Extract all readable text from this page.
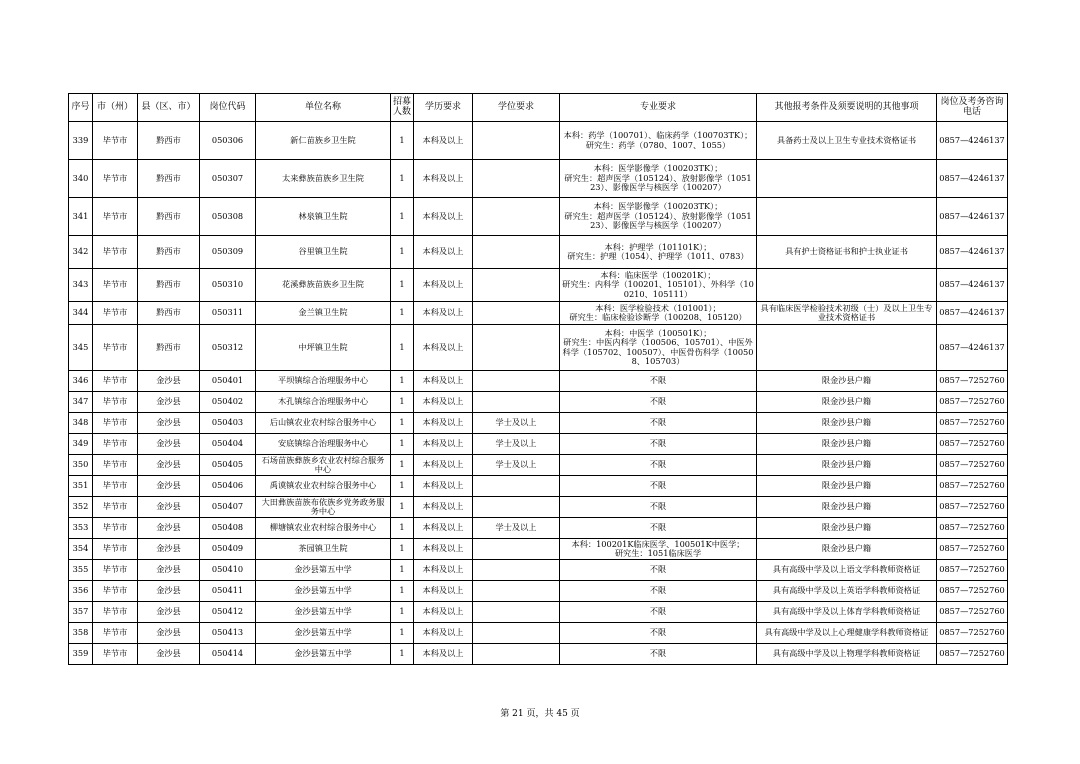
序号	市（州）	县（区、市）	岗位代码	单位名称	招募人数	学历要求	学位要求	专业要求	其他报考条件及须要说明的其他事项	岗位及考务咨询电话
339	毕节市	黔西市	050306	新仁苗族乡卫生院	1	本科及以上		本科：药学（100701）、临床药学（100703TK）；
研究生：药学（0780、1007、1055）	具备药士及以上卫生专业技术资格证书	0857—4246137
340	毕节市	黔西市	050307	太来彝族苗族乡卫生院	1	本科及以上		本科：医学影像学（100203TK）；
研究生：超声医学（105124）、放射影像学（105123）、影像医学与核医学（100207）		0857—4246137
341	毕节市	黔西市	050308	林泉镇卫生院	1	本科及以上		本科：医学影像学（100203TK）；
研究生：超声医学（105124）、放射影像学（105123）、影像医学与核医学（100207）		0857—4246137
342	毕节市	黔西市	050309	谷里镇卫生院	1	本科及以上		本科：护理学（101101K）；
研究生：护理（1054）、护理学（1011、0783）	具有护士资格证书和护士执业证书	0857—4246137
343	毕节市	黔西市	050310	花溪彝族苗族乡卫生院	1	本科及以上		本科：临床医学（100201K）；
研究生：内科学（100201、105101）、外科学（100210、105111）		0857—4246137
344	毕节市	黔西市	050311	金兰镇卫生院	1	本科及以上		本科：医学检验技术（101001）；
研究生：临床检验诊断学（100208、105120）	具有临床医学检验技术初级（士）及以上卫生专业技术资格证书	0857—4246137
345	毕节市	黔西市	050312	中坪镇卫生院	1	本科及以上		本科：中医学（100501K）；
研究生：中医内科学（100506、105701）、中医外科学（105702、100507）、中医骨伤科学（100508、105703）		0857—4246137
346	毕节市	金沙县	050401	平坝镇综合治理服务中心	1	本科及以上		不限	限金沙县户籍	0857—7252760
347	毕节市	金沙县	050402	木孔镇综合治理服务中心	1	本科及以上		不限	限金沙县户籍	0857—7252760
348	毕节市	金沙县	050403	后山镇农业农村综合服务中心	1	本科及以上	学士及以上	不限	限金沙县户籍	0857—7252760
349	毕节市	金沙县	050404	安底镇综合治理服务中心	1	本科及以上	学士及以上	不限	限金沙县户籍	0857—7252760
350	毕节市	金沙县	050405	石场苗族彝族乡农业农村综合服务中心	1	本科及以上	学士及以上	不限	限金沙县户籍	0857—7252760
351	毕节市	金沙县	050406	禹谟镇农业农村综合服务中心	1	本科及以上		不限	限金沙县户籍	0857—7252760
352	毕节市	金沙县	050407	大田彝族苗族布依族乡党务政务服务中心	1	本科及以上		不限	限金沙县户籍	0857—7252760
353	毕节市	金沙县	050408	柳塘镇农业农村综合服务中心	1	本科及以上	学士及以上	不限	限金沙县户籍	0857—7252760
354	毕节市	金沙县	050409	茶园镇卫生院	1	本科及以上		本科：100201K临床医学、100501K中医学；
研究生：1051临床医学	限金沙县户籍	0857—7252760
355	毕节市	金沙县	050410	金沙县第五中学	1	本科及以上		不限	具有高级中学及以上语文学科教师资格证	0857—7252760
356	毕节市	金沙县	050411	金沙县第五中学	1	本科及以上		不限	具有高级中学及以上英语学科教师资格证	0857—7252760
357	毕节市	金沙县	050412	金沙县第五中学	1	本科及以上		不限	具有高级中学及以上体育学科教师资格证	0857—7252760
358	毕节市	金沙县	050413	金沙县第五中学	1	本科及以上		不限	具有高级中学及以上心理健康学科教师资格证	0857—7252760
359	毕节市	金沙县	050414	金沙县第五中学	1	本科及以上		不限	具有高级中学及以上物理学科教师资格证	0857—7252760
第 21 页，共 45 页
